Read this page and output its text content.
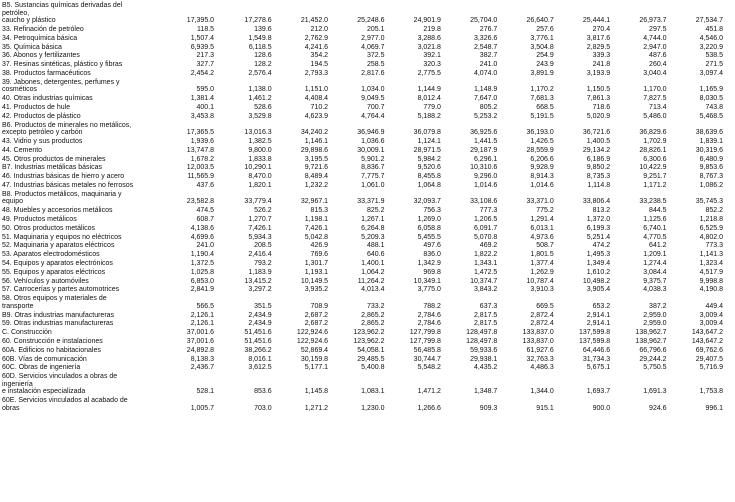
B5. Sustancias químicas derivadas del
petróleo,
caucho y plástico	17,395.0	17,278.6	21,452.0	25,248.6	24,901.9	25,704.0	26,640.7	25,444.1	26,973.7	27,534.7
33. Refinación de petróleo	118.5	139.6	212.0	205.1	219.8	276.7	257.6	270.4	297.5	451.8
34. Petroquímica básica	1,507.4	1,549.8	2,762.9	2,977.0	3,288.6	3,326.6	3,776.1	3,817.6	4,744.0	4,546.0
35. Química básica	6,939.5	6,118.5	4,241.6	4,069.7	3,021.8	2,548.7	3,504.8	2,829.5	2,947.0	3,220.9
36. Abonos y fertilizantes	217.3	128.6	354.2	372.5	392.1	382.7	254.9	339.3	487.6	538.5
37. Resinas sintéticas, plástico y fibras	327.7	128.2	194.5	258.5	320.3	241.0	243.9	241.8	260.4	271.5
38. Productos farmacéuticos	2,454.2	2,576.4	2,793.3	2,817.6	2,775.5	4,074.0	3,891.9	3,193.9	3,040.4	3,097.4
39. Jabones, detergentes, perfumes y
cosméticos	595.0	1,138.0	1,151.0	1,034.0	1,144.9	1,148.9	1,170.2	1,150.5	1,170.0	1,165.9
40. Otras industrias químicas	1,381.4	1,461.2	4,408.4	9,049.5	8,012.4	7,647.0	7,681.3	7,861.3	7,827.5	8,030.5
41. Productos de hule	400.1	528.6	710.2	700.7	779.0	805.2	668.5	718.6	713.4	743.8
42. Productos de plástico	3,453.8	3,529.8	4,623.9	4,764.4	5,188.2	5,253.2	5,191.5	5,020.9	5,486.0	5,468.5
B6. Productos de minerales no metálicos,
excepto petróleo y carbón	17,365.5	13,016.3	34,240.2	36,946.9	36,079.8	36,925.6	36,193.0	36,721.6	36,829.6	38,639.6
43. Vidrio y sus productos	1,939.6	1,382.5	1,146.1	1,036.6	1,124.1	1,441.5	1,426.5	1,400.5	1,702.9	1,839.1
44. Cemento	13,747.8	9,800.0	29,898.6	30,009.1	28,971.5	29,187.9	28,559.9	29,134.2	28,826.1	30,319.6
45. Otros productos de minerales	1,678.2	1,833.8	3,195.5	5,901.2	5,984.2	6,296.1	6,206.6	6,186.9	6,300.6	6,480.9
B7. Industrias metálicas básicas	12,003.5	10,290.1	9,721.6	8,836.7	9,520.6	10,310.6	9,928.9	9,850.2	10,422.9	9,853.6
46. Industrias básicas de hierro y acero	11,565.9	8,470.0	8,489.4	7,775.7	8,455.8	9,296.0	8,914.3	8,735.3	9,251.7	8,767.3
47. Industrias básicas metales no ferrosos	437.6	1,820.1	1,232.2	1,061.0	1,064.8	1,014.6	1,014.6	1,114.8	1,171.2	1,086.2
B8. Productos metálicos, maquinaria y
equipo	23,582.8	33,779.4	32,967.1	33,371.9	32,093.7	33,108.6	33,371.0	33,806.4	33,238.5	35,745.3
48. Muebles y accesorios metálicos	474.5	526.2	815.3	825.2	756.3	777.3	775.2	813.2	844.5	852.2
49. Productos metálicos	608.7	1,270.7	1,198.1	1,267.1	1,269.0	1,206.5	1,291.4	1,372.0	1,125.6	1,218.8
50. Otros productos metálicos	4,138.6	7,426.1	7,426.1	6,264.8	6,058.8	6,091.7	6,013.1	6,199.3	6,740.1	6,525.9
51. Maquinaria y equipos no eléctricos	4,699.6	5,934.3	5,042.8	5,209.3	5,455.5	5,070.8	4,973.6	5,251.4	4,770.5	4,802.0
52. Maquinaria y aparatos eléctricos	241.0	208.5	426.9	488.1	497.6	469.2	508.7	474.2	641.2	773.3
53. Aparatos electrodomésticos	1,190.4	2,416.4	769.6	640.6	836.0	1,822.2	1,801.5	1,495.3	1,209.1	1,141.3
54. Equipos y aparatos electrónicos	1,372.5	793.2	1,301.7	1,400.1	1,342.9	1,343.1	1,377.4	1,349.4	1,274.4	1,323.4
55. Equipos y aparatos eléctricos	1,025.8	1,183.9	1,193.1	1,064.2	969.8	1,472.5	1,262.9	1,610.2	3,084.4	4,517.9
56. Vehículos y automóviles	6,853.0	13,415.2	10,149.5	11,264.2	10,349.1	10,374.7	10,787.4	10,498.2	9,375.7	9,998.8
57. Carrocerías y partes automotrices	2,841.9	3,297.2	3,935.2	4,013.4	3,775.0	3,843.2	3,910.3	3,905.4	4,038.3	4,190.8
58. Otros equipos y materiales de
transporte	566.5	351.5	708.9	733.2	788.2	637.3	669.5	653.2	387.2	449.4
B9. Otras industrias manufactureras	2,126.1	2,434.9	2,687.2	2,865.2	2,784.6	2,817.5	2,872.4	2,914.1	2,959.0	3,009.4
59. Otras industrias manufactureras	2,126.1	2,434.9	2,687.2	2,865.2	2,784.6	2,817.5	2,872.4	2,914.1	2,959.0	3,009.4
C. Construcción	37,001.6	51,451.6	122,924.6	123,962.2	127,799.8	128,497.8	133,837.0	137,599.8	138,962.7	143,647.2
60. Construcción e instalaciones	37,001.6	51,451.6	122,924.6	123,962.2	127,799.8	128,497.8	133,837.0	137,599.8	138,962.7	143,647.2
60A. Edificios no habitacionales	24,892.8	38,266.2	52,869.4	54,058.1	56,485.8	59,933.6	61,927.6	64,446.6	66,796.6	69,762.6
60B. Vías de comunicación	8,138.3	8,016.1	30,159.8	29,485.5	30,744.7	29,938.1	32,763.3	31,734.3	29,244.2	29,407.5
60C. Obras de ingeniería	2,436.7	3,612.5	5,177.1	5,400.8	5,548.2	4,435.2	4,486.3	5,675.1	5,750.5	5,716.9
60D. Servicios vinculados a obras de
ingeniería
e instalación especializada	528.1	853.6	1,145.8	1,083.1	1,471.2	1,348.7	1,344.0	1,693.7	1,691.3	1,753.8
60E. Servicios vinculados al acabado de
obras	1,005.7	703.0	1,271.2	1,230.0	1,266.6	909.3	915.1	900.0	924.6	996.1
